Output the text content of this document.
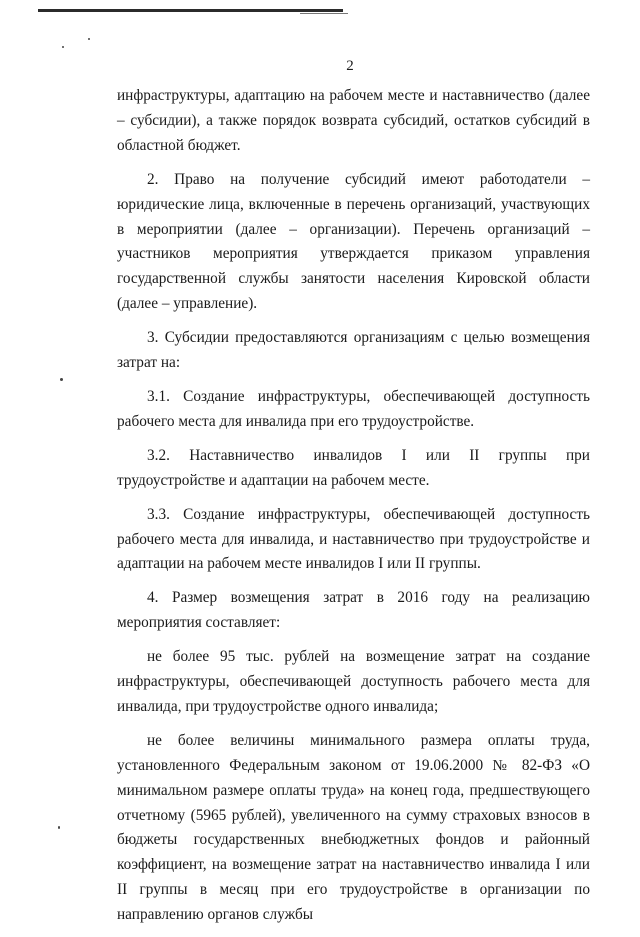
2

инфраструктуры, адаптацию на рабочем месте и наставничество (далее – субсидии), а также порядок возврата субсидий, остатков субсидий в областной бюджет.

2. Право на получение субсидий имеют работодатели – юридические лица, включенные в перечень организаций, участвующих в мероприятии (далее – организации). Перечень организаций – участников мероприятия утверждается приказом управления государственной службы занятости населения Кировской области (далее – управление).

3. Субсидии предоставляются организациям с целью возмещения затрат на:

3.1. Создание инфраструктуры, обеспечивающей доступность рабочего места для инвалида при его трудоустройстве.

3.2. Наставничество инвалидов I или II группы при трудоустройстве и адаптации на рабочем месте.

3.3. Создание инфраструктуры, обеспечивающей доступность рабочего места для инвалида, и наставничество при трудоустройстве и адаптации на рабочем месте инвалидов I или II группы.

4. Размер возмещения затрат в 2016 году на реализацию мероприятия составляет:

не более 95 тыс. рублей на возмещение затрат на создание инфраструктуры, обеспечивающей доступность рабочего места для инвалида, при трудоустройстве одного инвалида;

не более величины минимального размера оплаты труда, установленного Федеральным законом от 19.06.2000 № 82-ФЗ «О минимальном размере оплаты труда» на конец года, предшествующего отчетному (5965 рублей), увеличенного на сумму страховых взносов в бюджеты государственных внебюджетных фондов и районный коэффициент, на возмещение затрат на наставничество инвалида I или II группы в месяц при его трудоустройстве в организации по направлению органов службы
